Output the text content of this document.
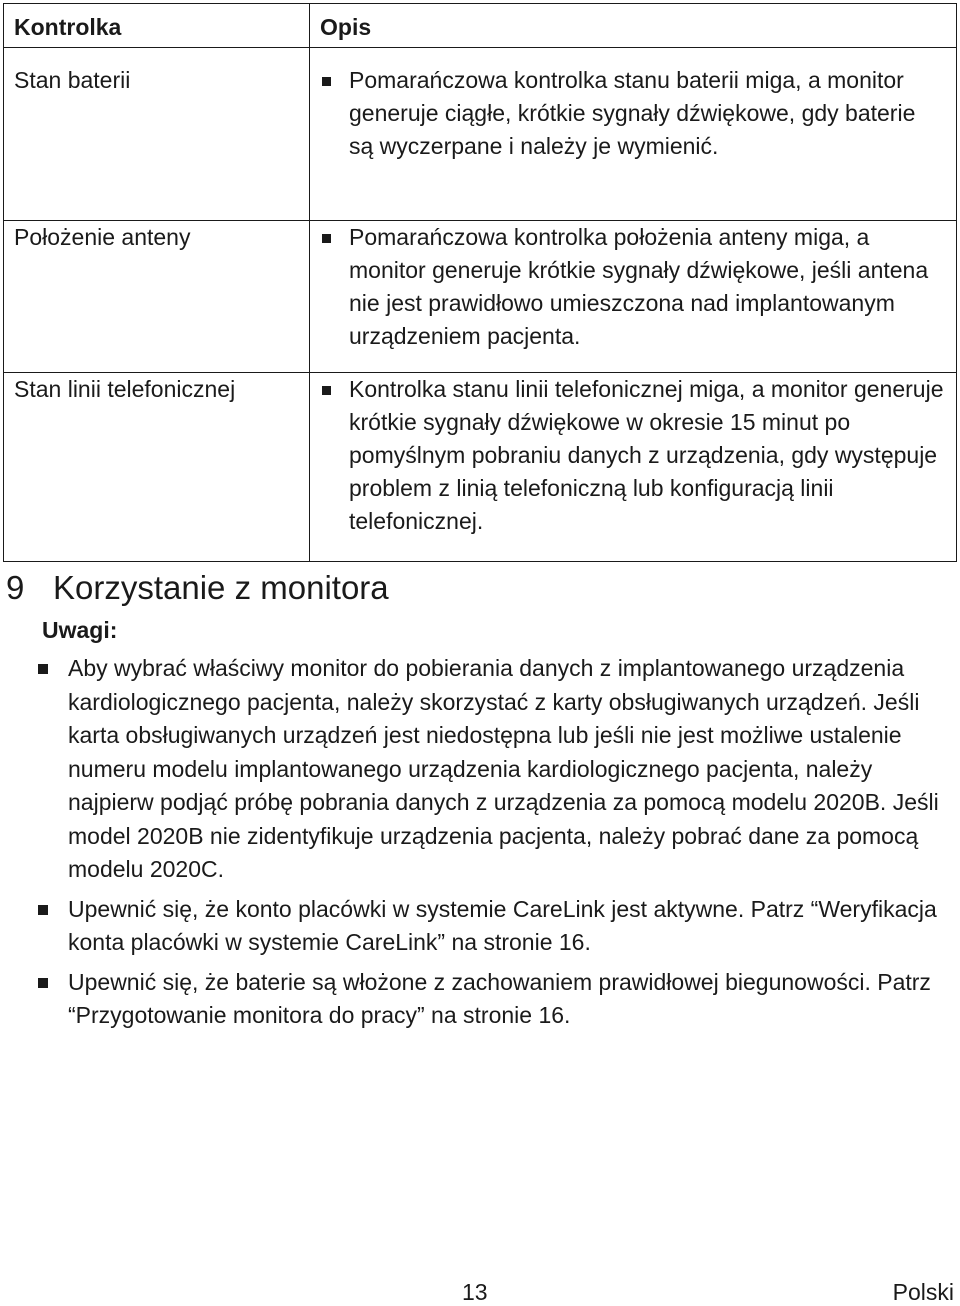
Kontrolka	Opis
Stan baterii	Pomarańczowa kontrolka stanu baterii miga, a monitor generuje ciągłe, krótkie sygnały dźwiękowe, gdy baterie są wyczerpane i należy je wymienić.

Położenie anteny	Pomarańczowa kontrolka położenia anteny miga, a monitor generuje krótkie sygnały dźwiękowe, jeśli antena nie jest prawidłowo umieszczona nad implantowanym urządzeniem pacjenta.

Stan linii telefonicznej	Kontrolka stanu linii telefonicznej miga, a monitor generuje krótkie sygnały dźwiękowe w okresie 15 minut po pomyślnym pobraniu danych z urządzenia, gdy występuje problem z linią telefoniczną lub konfiguracją linii telefonicznej.
9 Korzystanie z monitora
Uwagi:
Aby wybrać właściwy monitor do pobierania danych z implantowanego urządzenia kardiologicznego pacjenta, należy skorzystać z karty obsługiwanych urządzeń. Jeśli karta obsługiwanych urządzeń jest niedostępna lub jeśli nie jest możliwe ustalenie numeru modelu implantowanego urządzenia kardiologicznego pacjenta, należy najpierw podjąć próbę pobrania danych z urządzenia za pomocą modelu 2020B. Jeśli model 2020B nie zidentyfikuje urządzenia pacjenta, należy pobrać dane za pomocą modelu 2020C.
Upewnić się, że konto placówki w systemie CareLink jest aktywne. Patrz “Weryfikacja konta placówki w systemie CareLink” na stronie 16.
Upewnić się, że baterie są włożone z zachowaniem prawidłowej biegunowości. Patrz “Przygotowanie monitora do pracy” na stronie 16.
13	Polski
